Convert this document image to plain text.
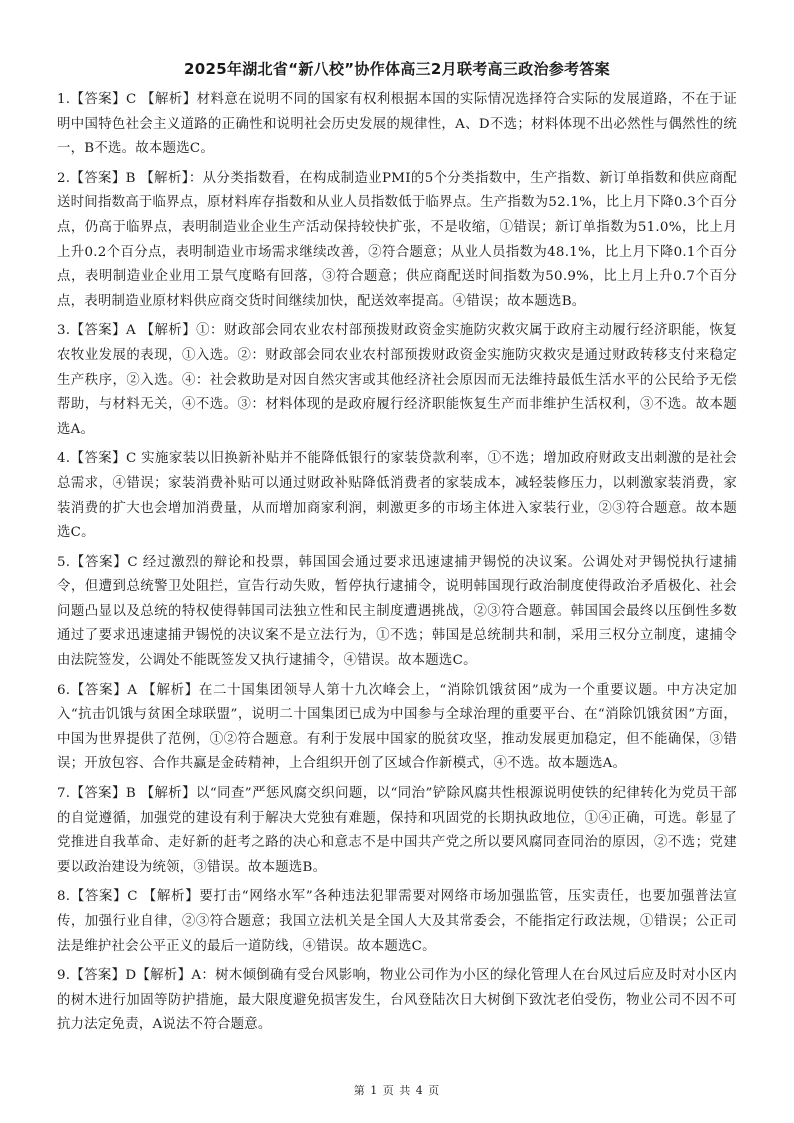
2025年湖北省“新八校”协作体高三2月联考高三政治参考答案

1.【答案】C 【解析】材料意在说明不同的国家有权利根据本国的实际情况选择符合实际的发展道路，不在于证明中国特色社会主义道路的正确性和说明社会历史发展的规律性，A、D不选；材料体现不出必然性与偶然性的统一，B不选。故本题选C。

2.【答案】B 【解析】：从分类指数看，在构成制造业PMI的5个分类指数中，生产指数、新订单指数和供应商配送时间指数高于临界点，原材料库存指数和从业人员指数低于临界点。生产指数为52.1%，比上月下降0.3个百分点，仍高于临界点，表明制造业企业生产活动保持较快扩张，不是收缩，①错误；新订单指数为51.0%，比上月上升0.2个百分点，表明制造业市场需求继续改善，②符合题意；从业人员指数为48.1%，比上月下降0.1个百分点，表明制造业企业用工景气度略有回落，③符合题意；供应商配送时间指数为50.9%，比上月上升0.7个百分点，表明制造业原材料供应商交货时间继续加快，配送效率提高。④错误；故本题选B。

3.【答案】A 【解析】①：财政部会同农业农村部预拨财政资金实施防灾救灾属于政府主动履行经济职能，恢复农牧业发展的表现，①入选。②：财政部会同农业农村部预拨财政资金实施防灾救灾是通过财政转移支付来稳定生产秩序，②入选。④：社会救助是对因自然灾害或其他经济社会原因而无法维持最低生活水平的公民给予无偿帮助，与材料无关，④不选。③：材料体现的是政府履行经济职能恢复生产而非维护生活权利，③不选。故本题选A。

4.【答案】C 实施家装以旧换新补贴并不能降低银行的家装贷款利率，①不选；增加政府财政支出刺激的是社会总需求，④错误；家装消费补贴可以通过财政补贴降低消费者的家装成本，减轻装修压力，以刺激家装消费，家装消费的扩大也会增加消费量，从而增加商家利润，刺激更多的市场主体进入家装行业，②③符合题意。故本题选C。

5.【答案】C 经过激烈的辩论和投票，韩国国会通过要求迅速逮捕尹锡悦的决议案。公调处对尹锡悦执行逮捕令，但遭到总统警卫处阻拦，宣告行动失败，暂停执行逮捕令，说明韩国现行政治制度使得政治矛盾极化、社会问题凸显以及总统的特权使得韩国司法独立性和民主制度遭遇挑战，②③符合题意。韩国国会最终以压倒性多数通过了要求迅速逮捕尹锡悦的决议案不是立法行为，①不选；韩国是总统制共和制，采用三权分立制度，逮捕令由法院签发，公调处不能既签发又执行逮捕令，④错误。故本题选C。

6.【答案】A 【解析】在二十国集团领导人第十九次峰会上，“消除饥饿贫困”成为一个重要议题。中方决定加入“抗击饥饿与贫困全球联盟”，说明二十国集团已成为中国参与全球治理的重要平台、在“消除饥饿贫困”方面，中国为世界提供了范例，①②符合题意。有利于发展中国家的脱贫攻坚，推动发展更加稳定，但不能确保，③错误；开放包容、合作共赢是金砖精神，上合组织开创了区域合作新模式，④不选。故本题选A。

7.【答案】B 【解析】以“同查”严惩风腐交织问题，以“同治”铲除风腐共性根源说明使铁的纪律转化为党员干部的自觉遵循，加强党的建设有利于解决大党独有难题，保持和巩固党的长期执政地位，①④正确，可选。彰显了党推进自我革命、走好新的赶考之路的决心和意志不是中国共产党之所以要风腐同查同治的原因，②不选；党建要以政治建设为统领，③错误。故本题选B。

8.【答案】C 【解析】要打击“网络水军”各种违法犯罪需要对网络市场加强监管，压实责任，也要加强普法宣传，加强行业自律，②③符合题意；我国立法机关是全国人大及其常委会，不能指定行政法规，①错误；公正司法是维护社会公平正义的最后一道防线，④错误。故本题选C。

9.【答案】D【解析】A：树木倾倒确有受台风影响，物业公司作为小区的绿化管理人在台风过后应及时对小区内的树木进行加固等防护措施，最大限度避免损害发生，台风登陆次日大树倒下致沈老伯受伤，物业公司不因不可抗力法定免责，A说法不符合题意。

第 1 页 共 4 页
